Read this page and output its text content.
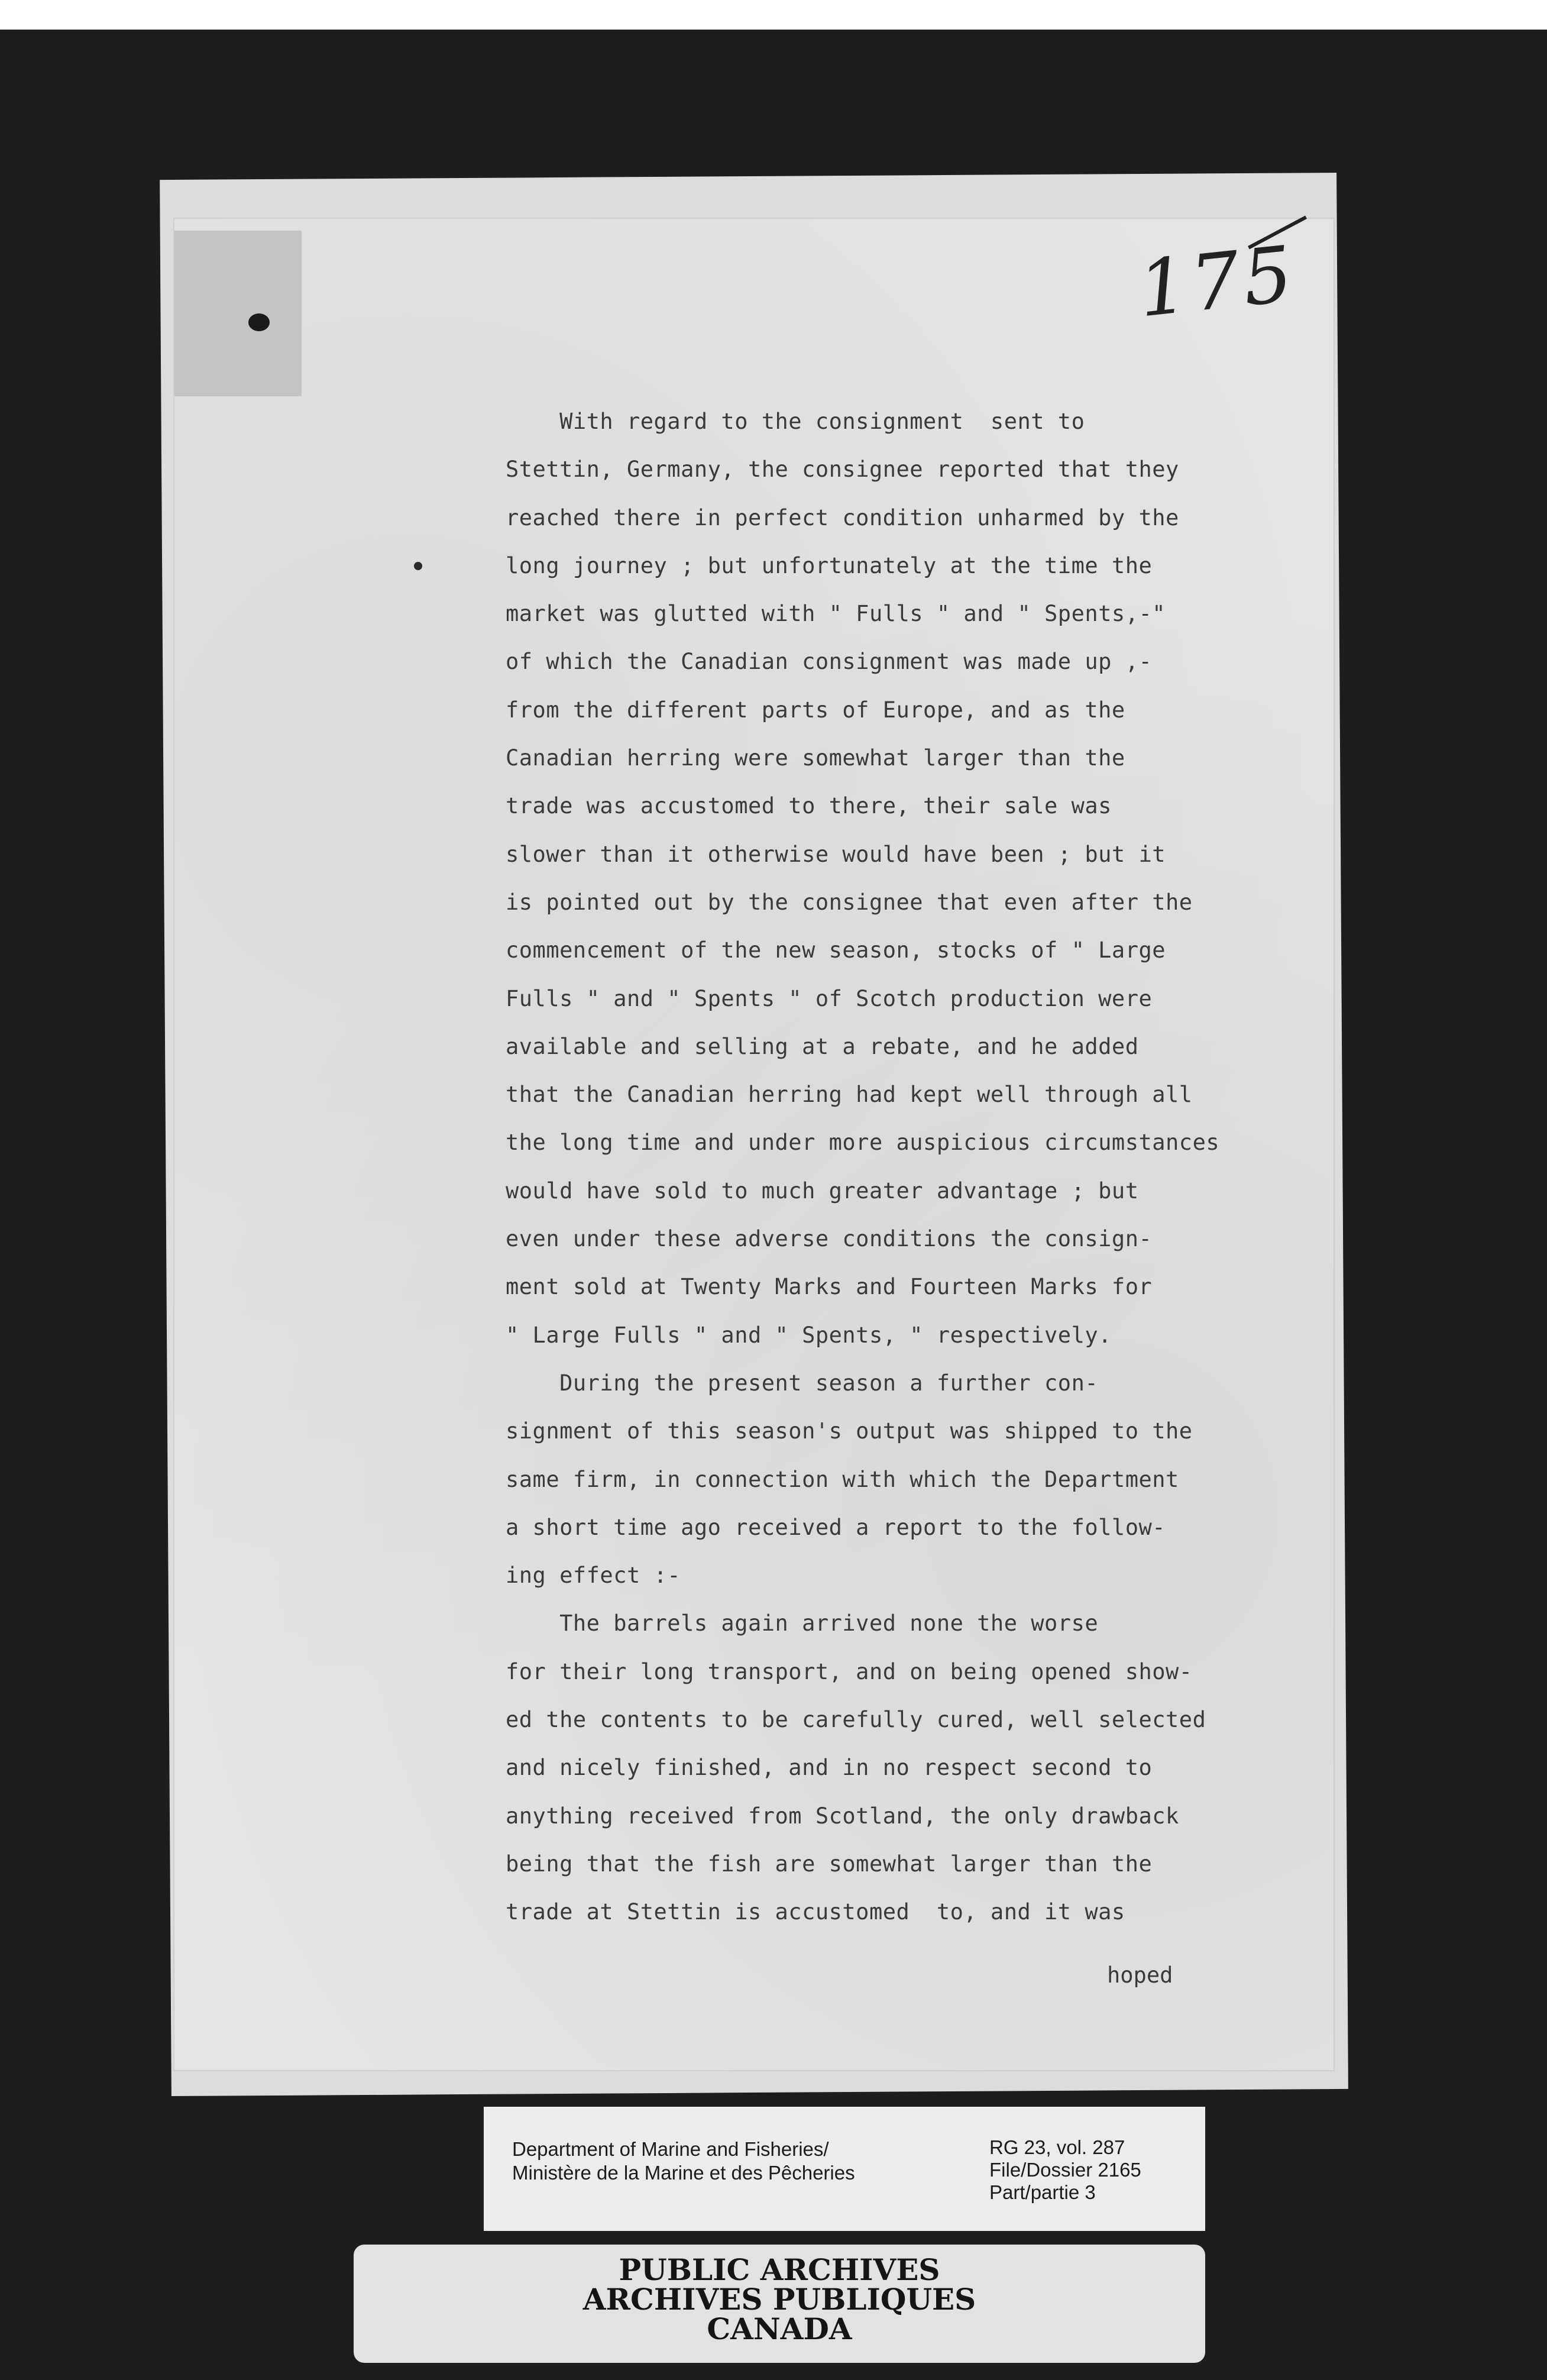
175
With regard to the consignment  sent to
Stettin, Germany, the consignee reported that they
reached there in perfect condition unharmed by the
long journey ; but unfortunately at the time the
market was glutted with " Fulls " and " Spents,-"
of which the Canadian consignment was made up ,-
from the different parts of Europe, and as the
Canadian herring were somewhat larger than the
trade was accustomed to there, their sale was
slower than it otherwise would have been ; but it
is pointed out by the consignee that even after the
commencement of the new season, stocks of " Large
Fulls " and " Spents " of Scotch production were
available and selling at a rebate, and he added
that the Canadian herring had kept well through all
the long time and under more auspicious circumstances
would have sold to much greater advantage ; but
even under these adverse conditions the consign-
ment sold at Twenty Marks and Fourteen Marks for
" Large Fulls " and " Spents, " respectively.
During the present season a further con-
signment of this season's output was shipped to the
same firm, in connection with which the Department
a short time ago received a report to the follow-
ing effect :-
The barrels again arrived none the worse
for their long transport, and on being opened show-
ed the contents to be carefully cured, well selected
and nicely finished, and in no respect second to
anything received from Scotland, the only drawback
being that the fish are somewhat larger than the
trade at Stettin is accustomed  to, and it was
hoped
Department of Marine and Fisheries/
Ministère de la Marine et des Pêcheries
RG 23, vol. 287
File/Dossier 2165
Part/partie 3
PUBLIC ARCHIVES
ARCHIVES PUBLIQUES
CANADA
